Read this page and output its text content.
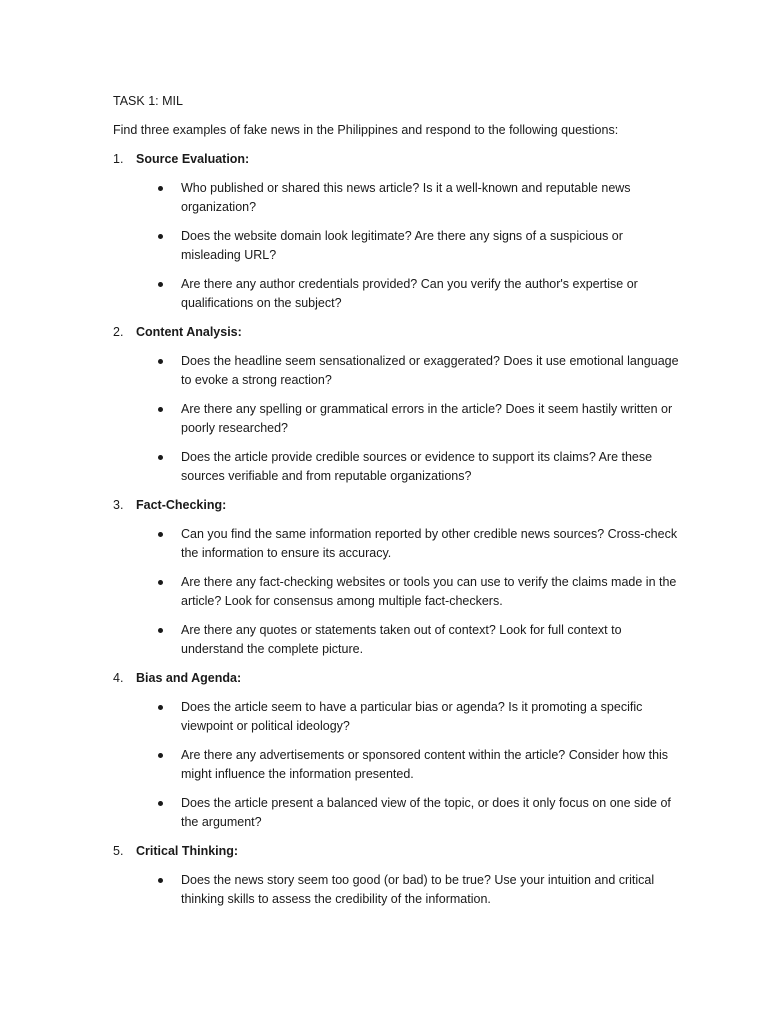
TASK 1: MIL

Find three examples of fake news in the Philippines and respond to the following questions:

1.	Source Evaluation:
Who published or shared this news article? Is it a well-known and reputable news organization?
Does the website domain look legitimate? Are there any signs of a suspicious or misleading URL?
Are there any author credentials provided? Can you verify the author's expertise or qualifications on the subject?
2.	Content Analysis:
Does the headline seem sensationalized or exaggerated? Does it use emotional language to evoke a strong reaction?
Are there any spelling or grammatical errors in the article? Does it seem hastily written or poorly researched?
Does the article provide credible sources or evidence to support its claims? Are these sources verifiable and from reputable organizations?
3.	Fact-Checking:
Can you find the same information reported by other credible news sources? Cross-check the information to ensure its accuracy.
Are there any fact-checking websites or tools you can use to verify the claims made in the article? Look for consensus among multiple fact-checkers.
Are there any quotes or statements taken out of context? Look for full context to understand the complete picture.
4.	Bias and Agenda:
Does the article seem to have a particular bias or agenda? Is it promoting a specific viewpoint or political ideology?
Are there any advertisements or sponsored content within the article? Consider how this might influence the information presented.
Does the article present a balanced view of the topic, or does it only focus on one side of the argument?
5.	Critical Thinking:
Does the news story seem too good (or bad) to be true? Use your intuition and critical thinking skills to assess the credibility of the information.
